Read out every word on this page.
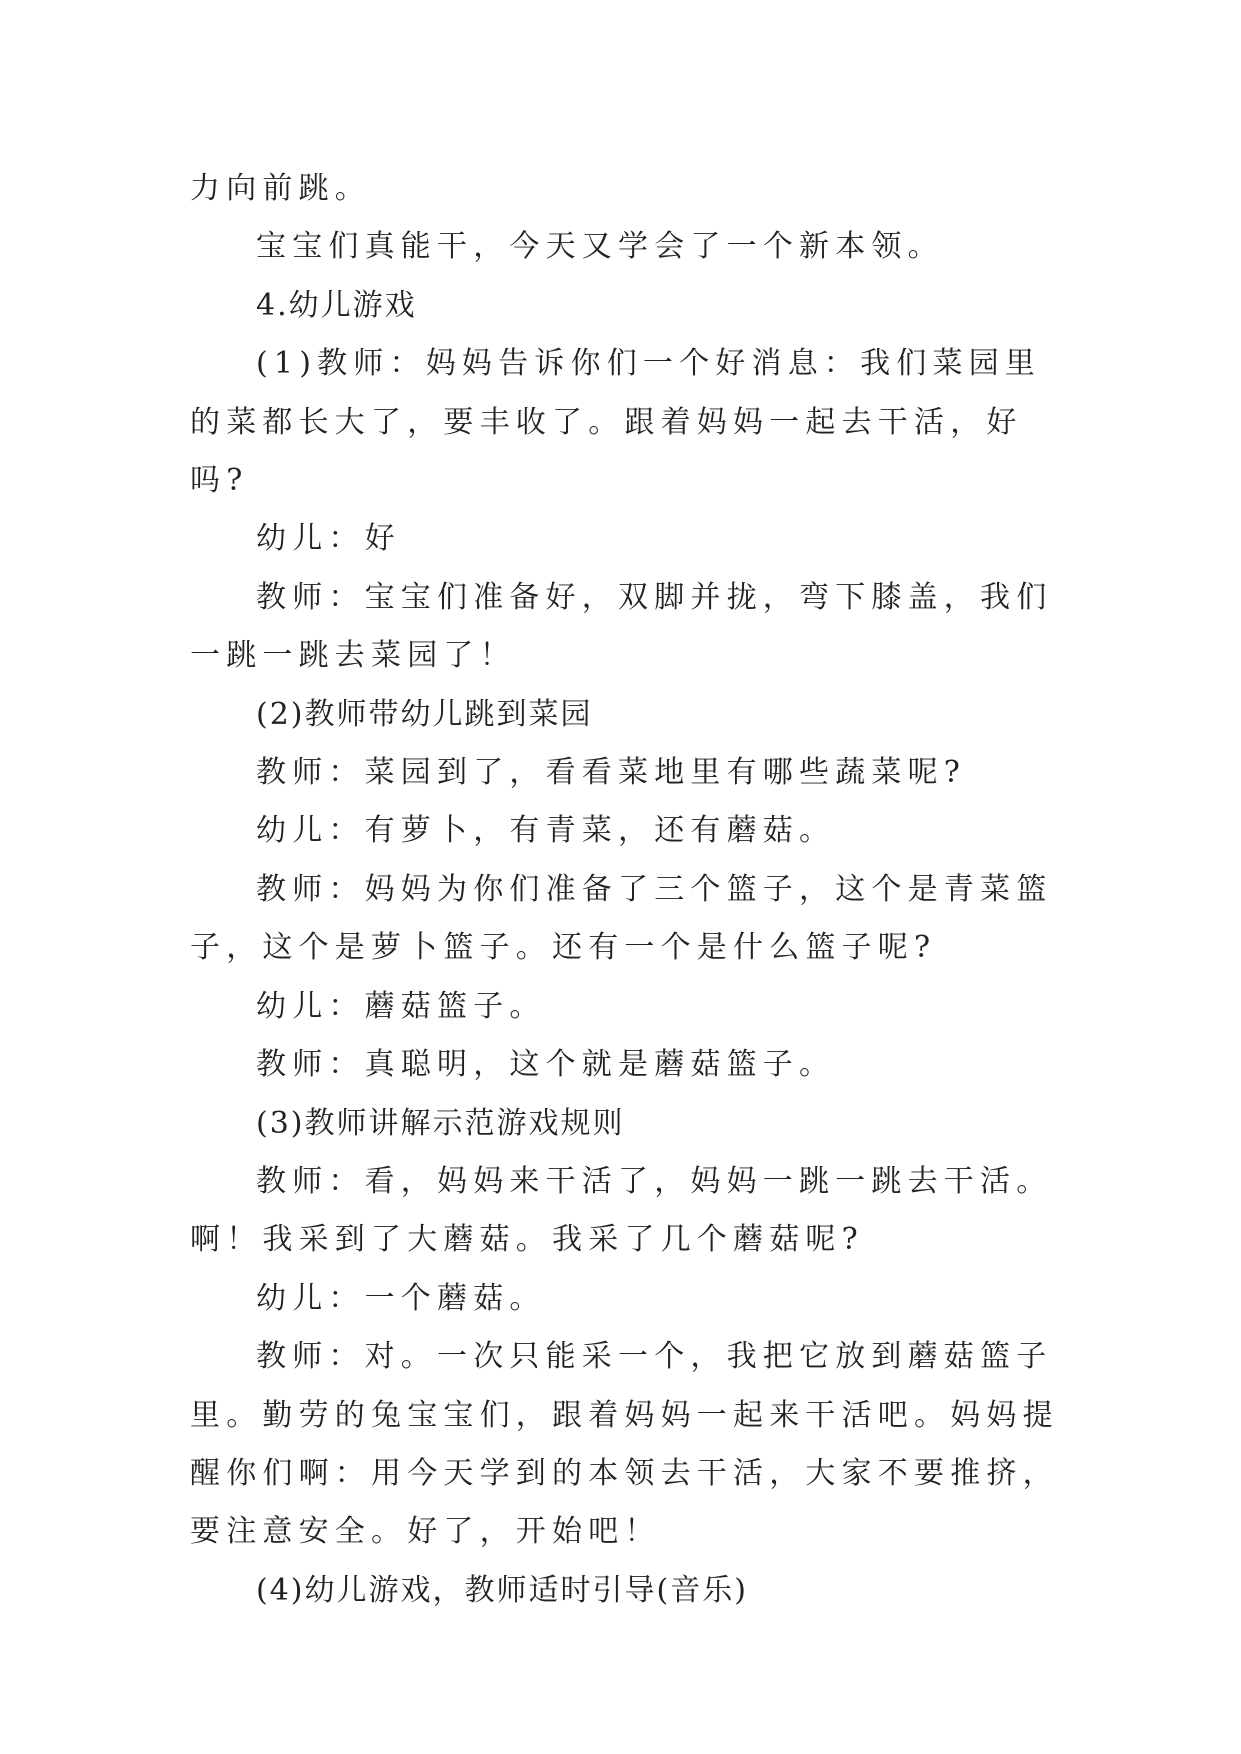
力向前跳。

宝宝们真能干，今天又学会了一个新本领。

4.幼儿游戏

(1)教师：妈妈告诉你们一个好消息：我们菜园里的菜都长大了，要丰收了。跟着妈妈一起去干活，好吗?

幼儿：好

教师：宝宝们准备好，双脚并拢，弯下膝盖，我们一跳一跳去菜园了！

(2)教师带幼儿跳到菜园

教师：菜园到了，看看菜地里有哪些蔬菜呢?

幼儿：有萝卜，有青菜，还有蘑菇。

教师：妈妈为你们准备了三个篮子，这个是青菜篮子，这个是萝卜篮子。还有一个是什么篮子呢?

幼儿：蘑菇篮子。

教师：真聪明，这个就是蘑菇篮子。

(3)教师讲解示范游戏规则

教师：看，妈妈来干活了，妈妈一跳一跳去干活。啊！我采到了大蘑菇。我采了几个蘑菇呢?

幼儿：一个蘑菇。

教师：对。一次只能采一个，我把它放到蘑菇篮子里。勤劳的兔宝宝们，跟着妈妈一起来干活吧。妈妈提醒你们啊：用今天学到的本领去干活，大家不要推挤，要注意安全。好了，开始吧！

(4)幼儿游戏，教师适时引导(音乐)
